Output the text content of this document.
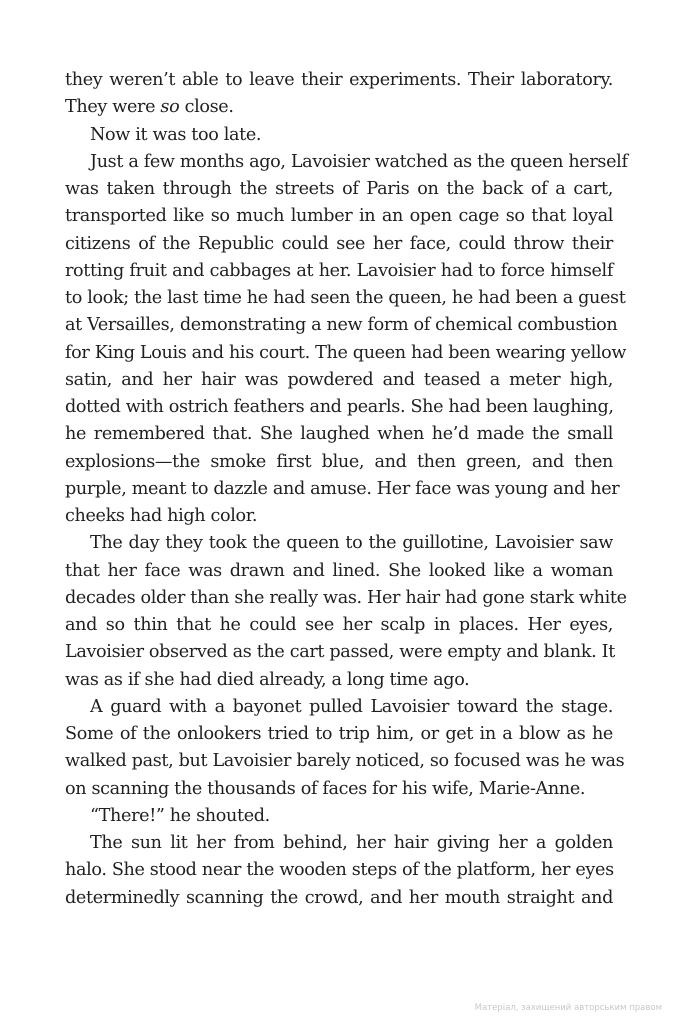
they weren’t able to leave their experiments. Their laboratory.
They were so close.
Now it was too late.
Just a few months ago, Lavoisier watched as the queen herself
was taken through the streets of Paris on the back of a cart,
transported like so much lumber in an open cage so that loyal
citizens of the Republic could see her face, could throw their
rotting fruit and cabbages at her. Lavoisier had to force himself
to look; the last time he had seen the queen, he had been a guest
at Versailles, demonstrating a new form of chemical combustion
for King Louis and his court. The queen had been wearing yellow
satin, and her hair was powdered and teased a meter high,
dotted with ostrich feathers and pearls. She had been laughing,
he remembered that. She laughed when he’d made the small
explosions—the smoke first blue, and then green, and then
purple, meant to dazzle and amuse. Her face was young and her
cheeks had high color.
The day they took the queen to the guillotine, Lavoisier saw
that her face was drawn and lined. She looked like a woman
decades older than she really was. Her hair had gone stark white
and so thin that he could see her scalp in places. Her eyes,
Lavoisier observed as the cart passed, were empty and blank. It
was as if she had died already, a long time ago.
A guard with a bayonet pulled Lavoisier toward the stage.
Some of the onlookers tried to trip him, or get in a blow as he
walked past, but Lavoisier barely noticed, so focused was he was
on scanning the thousands of faces for his wife, Marie-Anne.
“There!” he shouted.
The sun lit her from behind, her hair giving her a golden
halo. She stood near the wooden steps of the platform, her eyes
determinedly scanning the crowd, and her mouth straight and
Матеріал, захищений авторським правом
